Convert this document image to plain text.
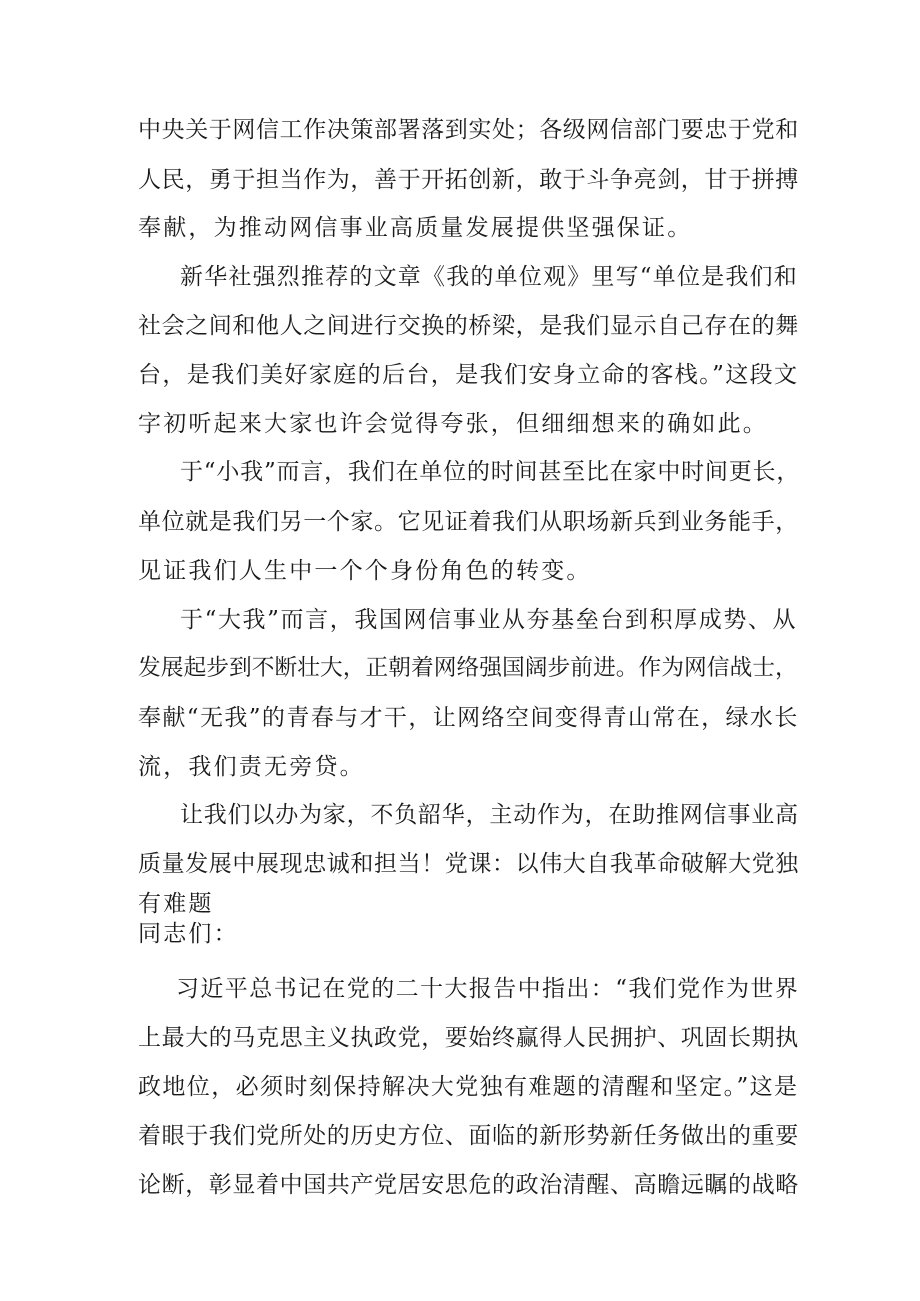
中央关于网信工作决策部署落到实处；各级网信部门要忠于党和
人民，勇于担当作为，善于开拓创新，敢于斗争亮剑，甘于拼搏
奉献，为推动网信事业高质量发展提供坚强保证。
新华社强烈推荐的文章《我的单位观》里写“单位是我们和
社会之间和他人之间进行交换的桥梁，是我们显示自己存在的舞
台，是我们美好家庭的后台，是我们安身立命的客栈。”这段文
字初听起来大家也许会觉得夸张，但细细想来的确如此。
于“小我”而言，我们在单位的时间甚至比在家中时间更长，
单位就是我们另一个家。它见证着我们从职场新兵到业务能手，
见证我们人生中一个个身份角色的转变。
于“大我”而言，我国网信事业从夯基垒台到积厚成势、从
发展起步到不断壮大，正朝着网络强国阔步前进。作为网信战士，
奉献“无我”的青春与才干，让网络空间变得青山常在，绿水长
流，我们责无旁贷。
让我们以办为家，不负韶华，主动作为，在助推网信事业高
质量发展中展现忠诚和担当！党课：以伟大自我革命破解大党独
有难题
同志们：
习近平总书记在党的二十大报告中指出：“我们党作为世界
上最大的马克思主义执政党，要始终赢得人民拥护、巩固长期执
政地位，必须时刻保持解决大党独有难题的清醒和坚定。”这是
着眼于我们党所处的历史方位、面临的新形势新任务做出的重要
论断，彰显着中国共产党居安思危的政治清醒、高瞻远瞩的战略
